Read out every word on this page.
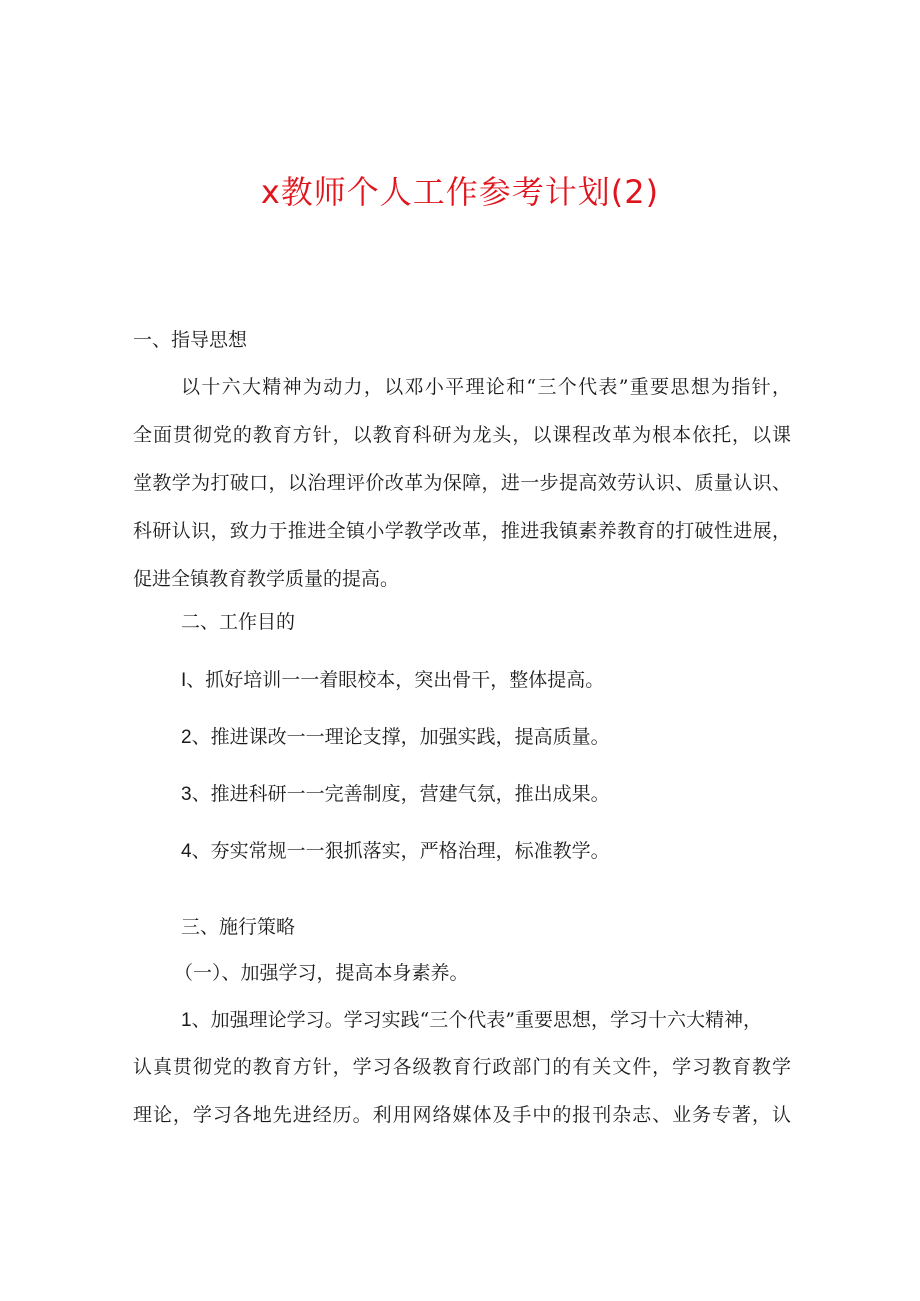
x教师个人工作参考计划(2)

一、指导思想

以十六大精神为动力，以邓小平理论和“三个代表”重要思想为指针，

全面贯彻党的教育方针，以教育科研为龙头，以课程改革为根本依托，以课

堂教学为打破口，以治理评价改革为保障，进一步提高效劳认识、质量认识、

科研认识，致力于推进全镇小学教学改革，推进我镇素养教育的打破性进展，

促进全镇教育教学质量的提高。

二、工作目的

I、抓好培训一一着眼校本，突出骨干，整体提高。

2、推进课改一一理论支撑，加强实践，提高质量。

3、推进科研一一完善制度，营建气氛，推出成果。

4、夯实常规一一狠抓落实，严格治理，标准教学。

三、施行策略

（一）、加强学习，提高本身素养。

1、加强理论学习。学习实践“三个代表”重要思想，学习十六大精神，

认真贯彻党的教育方针，学习各级教育行政部门的有关文件，学习教育教学

理论，学习各地先进经历。利用网络媒体及手中的报刊杂志、业务专著，认
